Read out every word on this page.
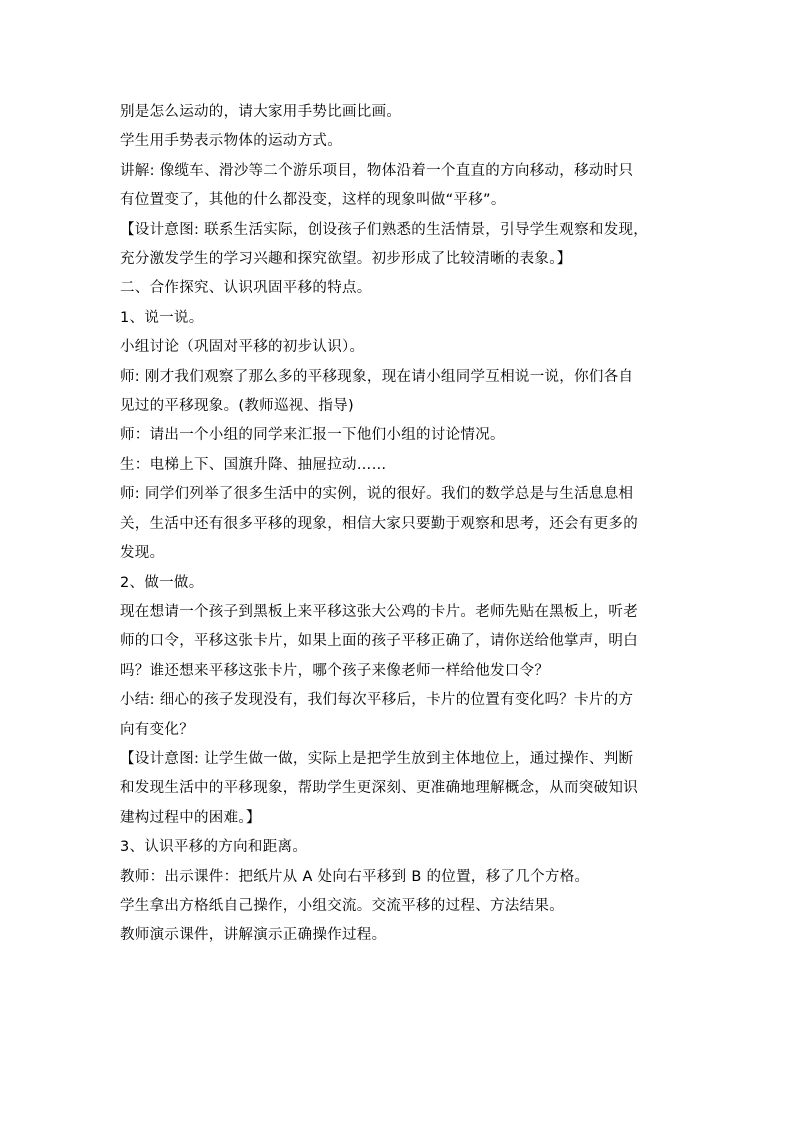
别是怎么运动的，请大家用手势比画比画。

学生用手势表示物体的运动方式。

讲解: 像缆车、滑沙等二个游乐项目，物体沿着一个直直的方向移动，移动时只

有位置变了，其他的什么都没变，这样的现象叫做“平移”。

【设计意图: 联系生活实际，创设孩子们熟悉的生活情景，引导学生观察和发现，

充分激发学生的学习兴趣和探究欲望。初步形成了比较清晰的表象。】

二、合作探究、认识巩固平移的特点。

1、说一说。

小组讨论（巩固对平移的初步认识）。

师: 刚才我们观察了那么多的平移现象，现在请小组同学互相说一说，你们各自

见过的平移现象。(教师巡视、指导)

师：请出一个小组的同学来汇报一下他们小组的讨论情况。

生：电梯上下、国旗升降、抽屉拉动……

师: 同学们列举了很多生活中的实例，说的很好。我们的数学总是与生活息息相

关，生活中还有很多平移的现象，相信大家只要勤于观察和思考，还会有更多的

发现。

2、做一做。

现在想请一个孩子到黑板上来平移这张大公鸡的卡片。老师先贴在黑板上，听老

师的口令，平移这张卡片，如果上面的孩子平移正确了，请你送给他掌声，明白

吗？谁还想来平移这张卡片，哪个孩子来像老师一样给他发口令？

小结: 细心的孩子发现没有，我们每次平移后，卡片的位置有变化吗？卡片的方

向有变化？

【设计意图: 让学生做一做，实际上是把学生放到主体地位上，通过操作、判断

和发现生活中的平移现象，帮助学生更深刻、更准确地理解概念，从而突破知识

建构过程中的困难。】

3、认识平移的方向和距离。

教师：出示课件：把纸片从 A 处向右平移到 B 的位置，移了几个方格。

学生拿出方格纸自己操作，小组交流。交流平移的过程、方法结果。

教师演示课件，讲解演示正确操作过程。
